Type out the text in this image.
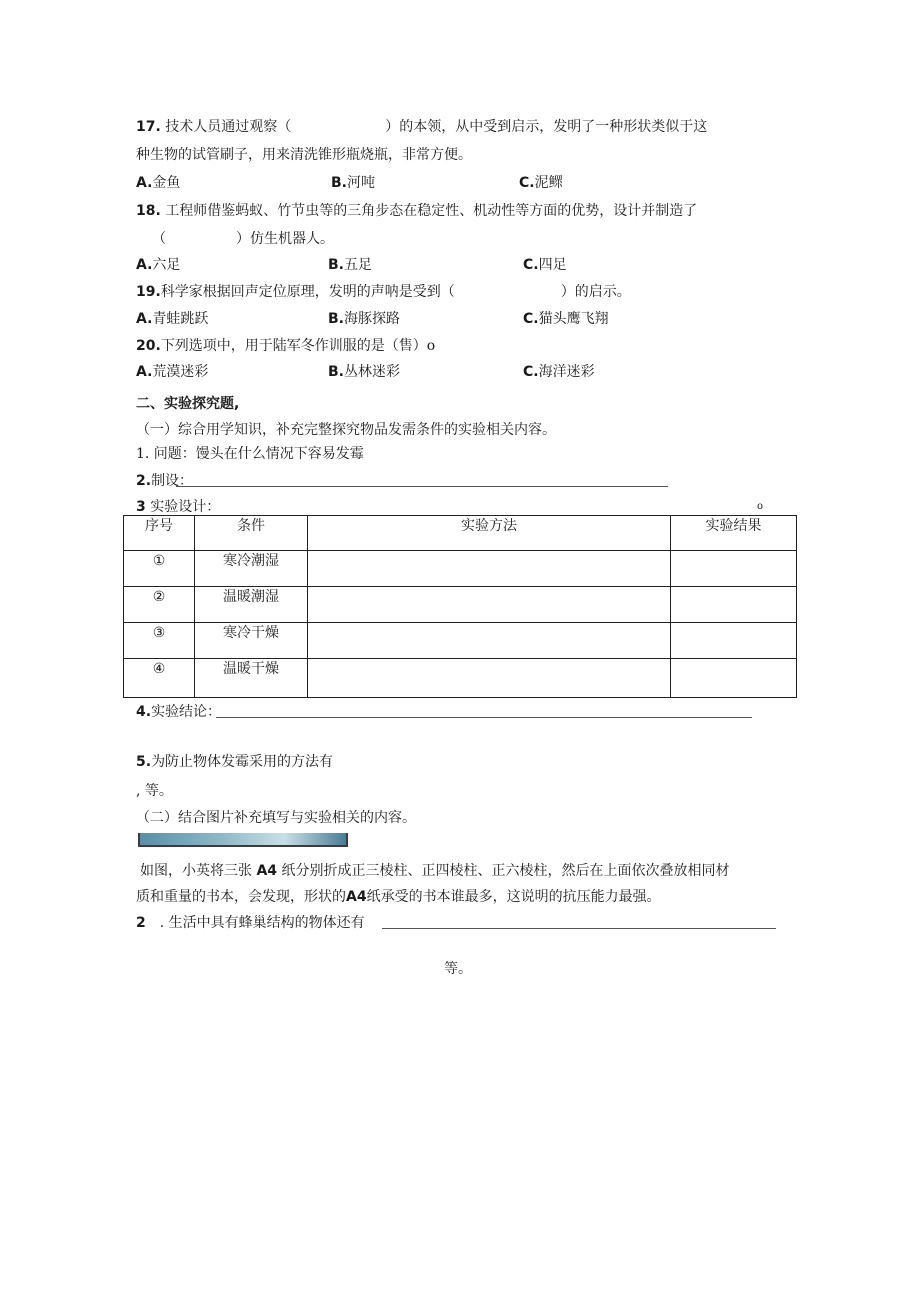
17. 技术人员通过观察（	）的本领，从中受到启示，发明了一种形状类似于这
种生物的试管刷子，用来清洗锥形瓶烧瓶，非常方便。
A.金鱼	B.河吨	C.泥鳏
18. 工程师借鉴蚂蚁、竹节虫等的三角步态在稳定性、机动性等方面的优势，设计并制造了
（	）仿生机器人。
A.六足	B.五足	C.四足
19.科学家根据回声定位原理，发明的声呐是受到（	）的启示。
A.青蛙跳跃	B.海豚探路	C.猫头鹰飞翔
20.下列选项中，用于陆军冬作训服的是（售）o
A.荒漠迷彩	B.丛林迷彩	C.海洋迷彩
二、实验探究题,
（一）综合用学知识，补充完整探究物品发需条件的实验相关内容。
1. 问题：馒头在什么情况下容易发霉
2.制设：
3 实验设计：	o
序号	条件	实验方法	实验结果
①	寒冷潮湿		
②	温暖潮湿		
③	寒冷干燥		
④	温暖干燥		
4.实验结论：
5.为防止物体发霉采用的方法有
, 等。
（二）结合图片补充填写与实验相关的内容。
如图，小英将三张 A4 纸分别折成正三棱柱、正四棱柱、正六棱柱，然后在上面依次叠放相同材
质和重量的书本，会发现，形状的A4纸承受的书本谁最多，这说明的抗压能力最强。
2 . 生活中具有蜂巢结构的物体还有
等。
